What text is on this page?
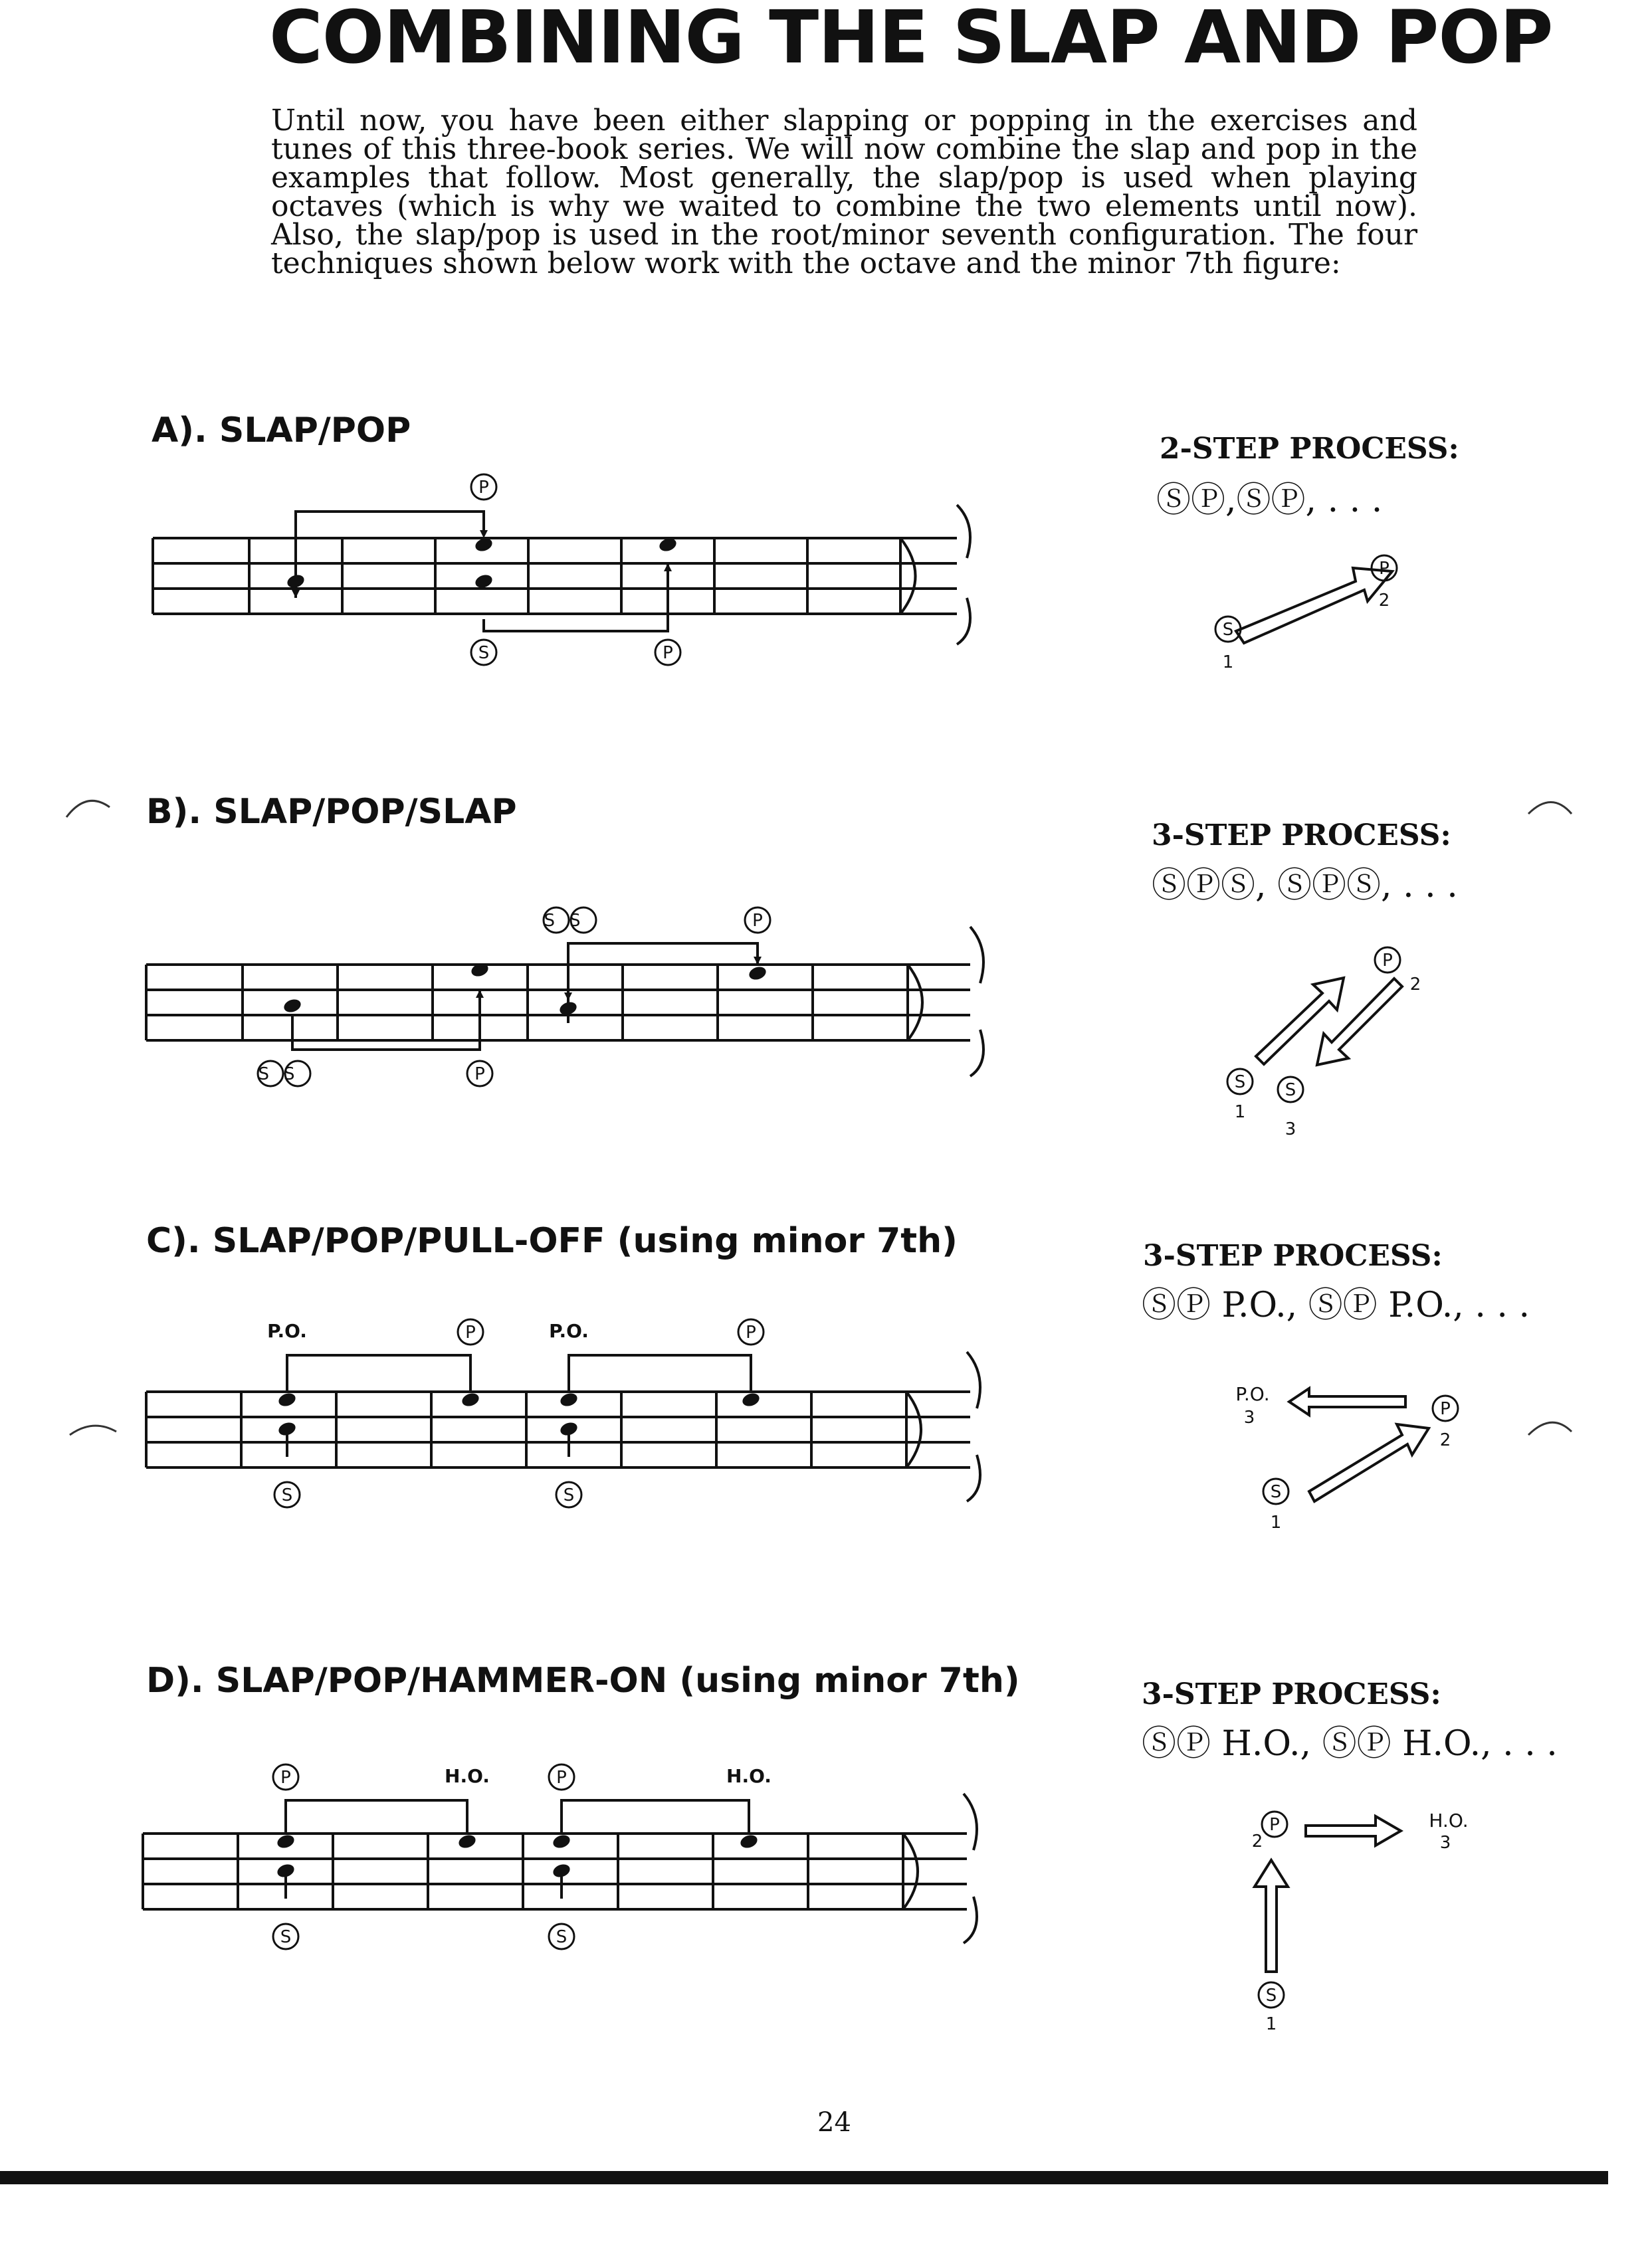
COMBINING THE SLAP AND POP
Until now, you have been either slapping or popping in the exercises and tunes of this three-book series. We will now combine the slap and pop in the examples that follow. Most generally, the slap/pop is used when playing octaves (which is why we waited to combine the two elements until now). Also, the slap/pop is used in the root/minor seventh configuration. The four techniques shown below work with the octave and the minor 7th figure:
A). SLAP/POP	2-STEP PROCESS:
ⓈⓅ,ⓈⓅ, . . .
P
S	P
S
1
P
2
B). SLAP/POP/SLAP
3-STEP PROCESS:
ⓈⓅⓈ, ⓈⓅⓈ, . . .
SS	P
SS	P
P
2
S
1
S
3
C). SLAP/POP/PULL-OFF (using minor 7th)	3-STEP PROCESS:
ⓈⓅ P.O., ⓈⓅ P.O., . . .
P.O.	P	P.O.	P
S	S
P.O.
3	P
2
S
1
D). SLAP/POP/HAMMER-ON (using minor 7th)	3-STEP PROCESS:
ⓈⓅ H.O., ⓈⓅ H.O., . . .
P	H.O.	P	H.O.
S	S
P
2
H.O.
3
S
1
24
